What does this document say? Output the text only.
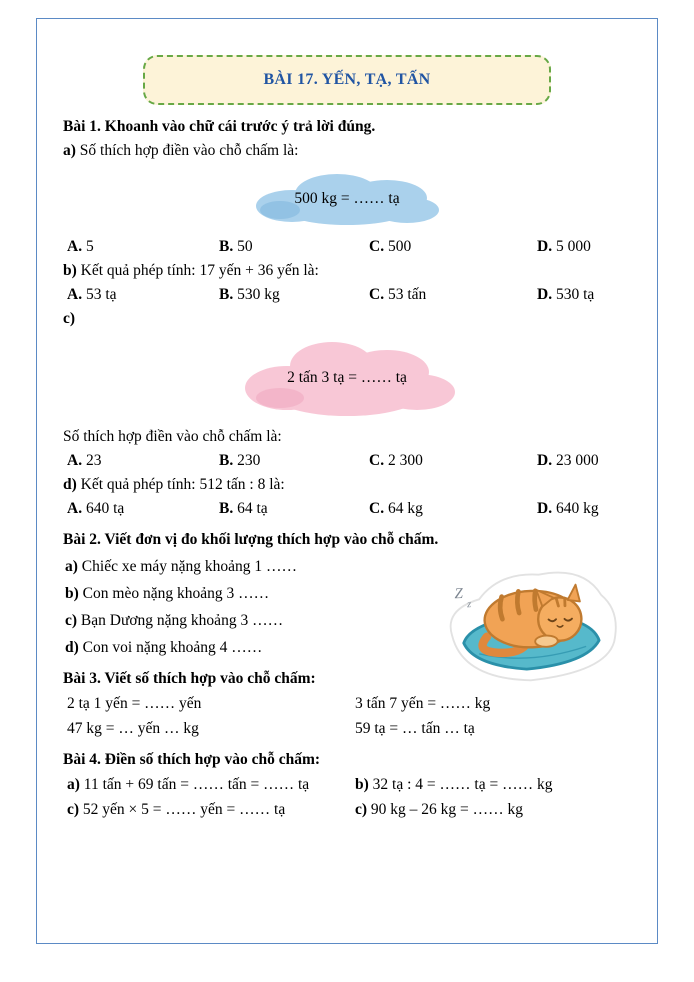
BÀI 17. YẾN, TẠ, TẤN

Bài 1. Khoanh vào chữ cái trước ý trả lời đúng.

a) Số thích hợp điền vào chỗ chấm là:

500 kg = …… tạ
A. 5	B. 50	C. 500	D. 5 000

b) Kết quả phép tính: 17 yến + 36 yến là:

A. 53 tạ	B. 530 kg	C. 53 tấn	D. 530 tạ

c)

2 tấn 3 tạ = …… tạ

Số thích hợp điền vào chỗ chấm là:

A. 23	B. 230	C. 2 300	D. 23 000

d) Kết quả phép tính: 512 tấn : 8 là:

A. 640 tạ	B. 64 tạ	C. 64 kg	D. 640 kg

Bài 2. Viết đơn vị đo khối lượng thích hợp vào chỗ chấm.

a) Chiếc xe máy nặng khoảng 1 ……

b) Con mèo nặng khoảng 3 ……

c) Bạn Dương nặng khoảng 3 ……

d) Con voi nặng khoảng 4 ……

Z
z

Bài 3. Viết số thích hợp vào chỗ chấm:

2 tạ 1 yến = …… yến	3 tấn 7 yến = …… kg
47 kg = … yến … kg	59 tạ = … tấn … tạ

Bài 4. Điền số thích hợp vào chỗ chấm:

a) 11 tấn + 69 tấn = …… tấn = …… tạ	b) 32 tạ : 4 = …… tạ = …… kg
c) 52 yến × 5 = …… yến = …… tạ	c) 90 kg – 26 kg = …… kg
